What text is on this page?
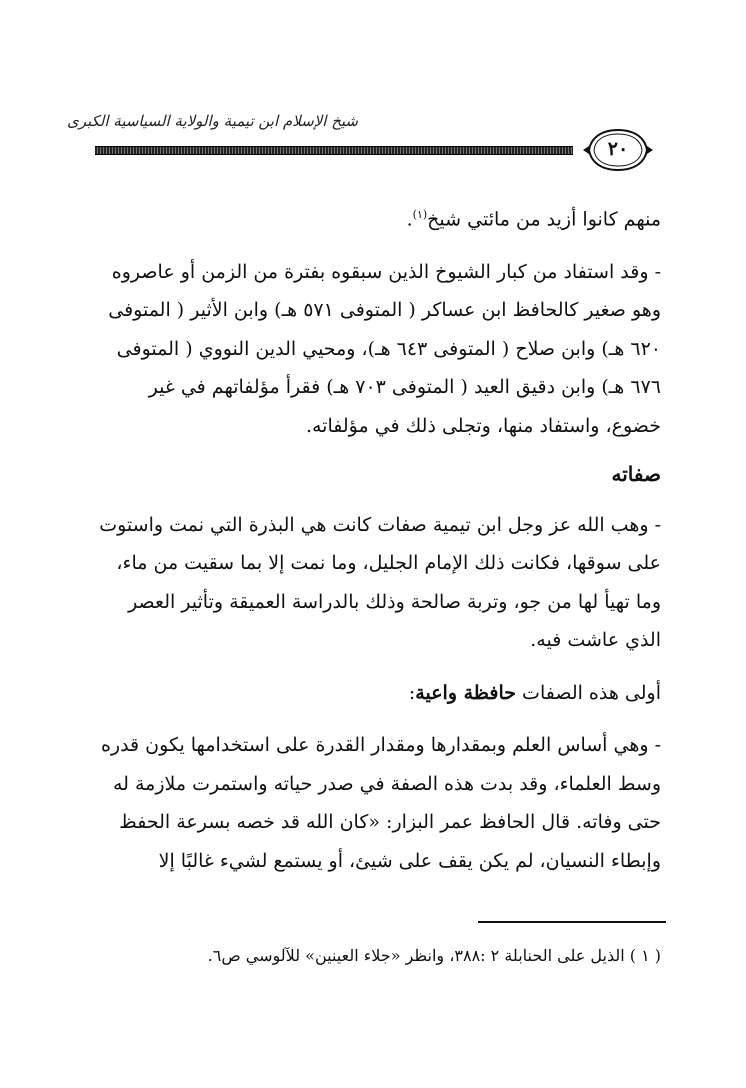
شيخ الإسلام ابن تيمية والولاية السياسية الكبرى
٢٠

منهم كانوا أزيد من مائتي شيخ$^{(١)}$.

- وقد استفاد من كبار الشيوخ الذين سبقوه بفترة من الزمن أو عاصروه

وهو صغير كالحافظ ابن عساكر ( المتوفى ٥٧١ هـ) وابن الأثير ( المتوفى

٦٢٠ هـ) وابن صلاح ( المتوفى ٦٤٣ هـ)، ومحيي الدين النووي ( المتوفى

٦٧٦ هـ) وابن دقيق العيد ( المتوفى ٧٠٣ هـ) فقرأ مؤلفاتهم في غير

خضوع، واستفاد منها، وتجلى ذلك في مؤلفاته.

صفاته

- وهب الله عز وجل ابن تيمية صفات كانت هي البذرة التي نمت واستوت

على سوقها، فكانت ذلك الإمام الجليل، وما نمت إلا بما سقيت من ماء،

وما تهيأ لها من جو، وتربة صالحة وذلك بالدراسة العميقة وتأثير العصر

الذي عاشت فيه.

أولى هذه الصفات حافظة واعية:

- وهي أساس العلم وبمقدارها ومقدار القدرة على استخدامها يكون قدره

وسط العلماء، وقد بدت هذه الصفة في صدر حياته واستمرت ملازمة له

حتى وفاته. قال الحافظ عمر البزار: «كان الله قد خصه بسرعة الحفظ

وإبطاء النسيان، لم يكن يقف على شيئ، أو يستمع لشيء غالبًا إلا

( ١ ) الذيل على الحنابلة ٢ :٣٨٨، وانظر «جلاء العينين» للآلوسي ص٦.
